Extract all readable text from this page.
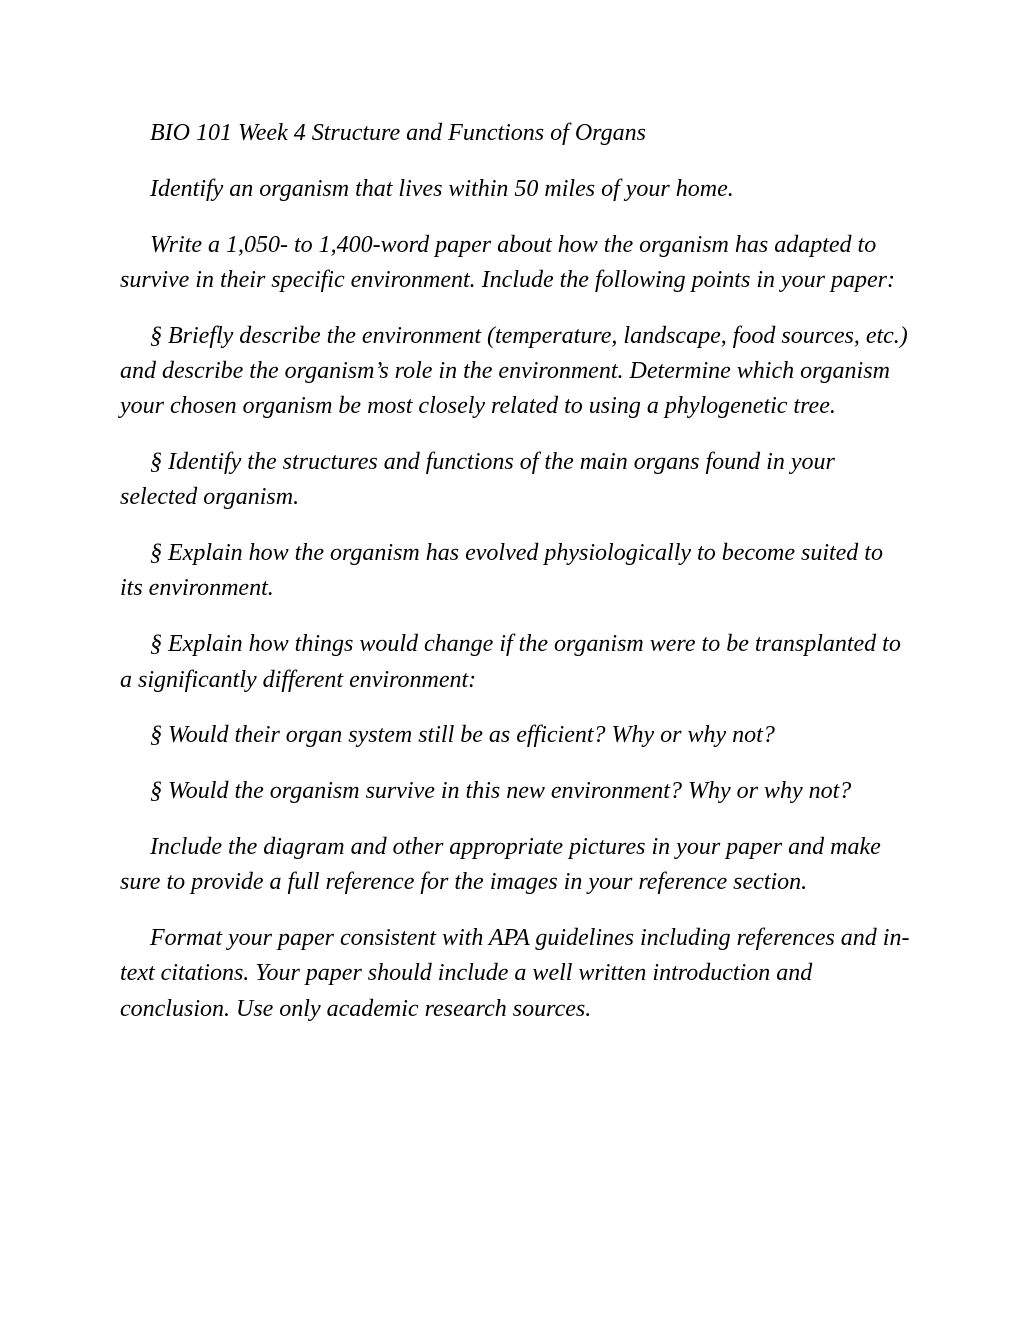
BIO 101 Week 4 Structure and Functions of Organs

Identify an organism that lives within 50 miles of your home.

Write a 1,050- to 1,400-word paper about how the organism has adapted to survive in their specific environment. Include the following points in your paper:

§ Briefly describe the environment (temperature, landscape, food sources, etc.) and describe the organism’s role in the environment. Determine which organism your chosen organism be most closely related to using a phylogenetic tree.

§ Identify the structures and functions of the main organs found in your selected organism.

§ Explain how the organism has evolved physiologically to become suited to its environment.

§ Explain how things would change if the organism were to be transplanted to a significantly different environment:

§ Would their organ system still be as efficient? Why or why not?

§ Would the organism survive in this new environment? Why or why not?

Include the diagram and other appropriate pictures in your paper and make sure to provide a full reference for the images in your reference section.

Format your paper consistent with APA guidelines including references and in-text citations. Your paper should include a well written introduction and conclusion. Use only academic research sources.
